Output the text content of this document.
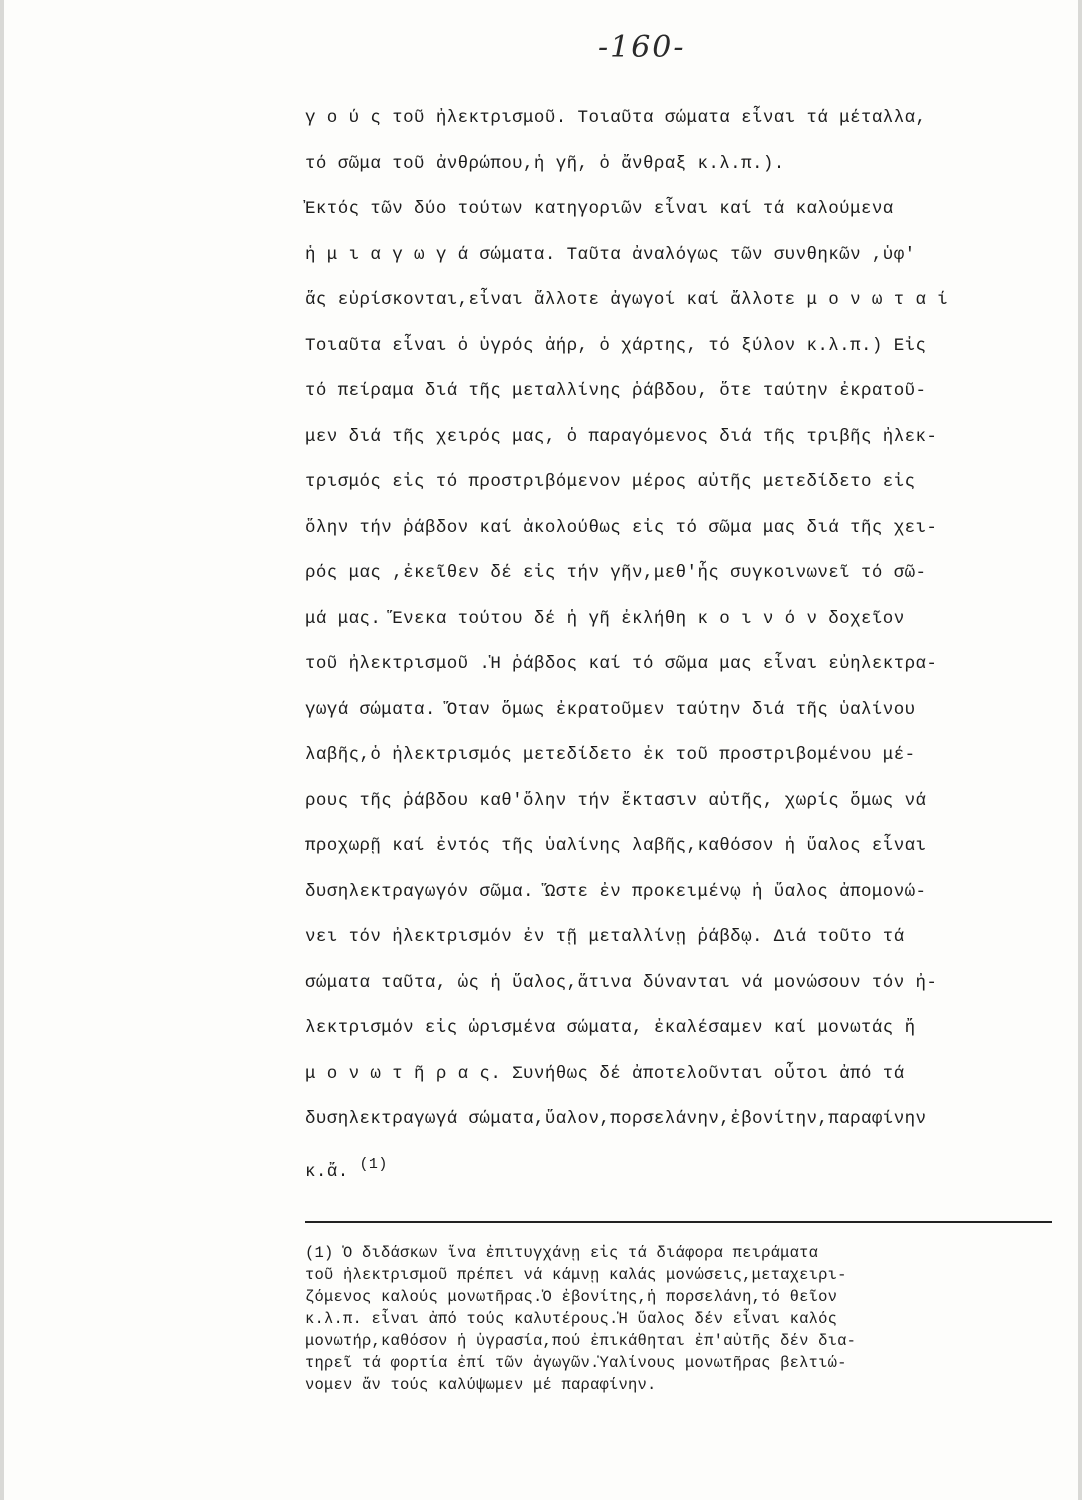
-160-
γ ο ύ ς τοῦ ἠλεκτρισμοῦ. Τοιαῦτα σώματα εἶναι τά μέταλλα,
τό σῶμα τοῦ ἀνθρώπου,ἡ γῆ, ὁ ἄνθραξ κ.λ.π.).
Ἐκτός τῶν δύο τούτων κατηγοριῶν εἶναι καί τά καλούμενα
ἡ μ ι α γ ω γ ά σώματα. Ταῦτα ἀναλόγως τῶν συνθηκῶν ,ὑφ'
ἅς εὑρίσκονται,εἶναι ἄλλοτε ἀγωγοί καί ἄλλοτε μ ο ν ω τ α ί
Τοιαῦτα εἶναι ὁ ὑγρός ἀήρ, ὁ χάρτης, τό ξύλον κ.λ.π.) Εἰς
τό πείραμα διά τῆς μεταλλίνης ῥάβδου, ὅτε ταύτην ἐκρατοῦ-
μεν διά τῆς χειρός μας, ὁ παραγόμενος διά τῆς τριβῆς ἠλεκ-
τρισμός εἰς τό προστριβόμενον μέρος αὐτῆς μετεδίδετο εἰς
ὅλην τήν ῥάβδον καί ἀκολούθως εἰς τό σῶμα μας διά τῆς χει-
ρός μας ,ἐκεῖθεν δέ εἰς τήν γῆν,μεθ'ἧς συγκοινωνεῖ τό σῶ-
μά μας. Ἕνεκα τούτου δέ ἡ γῆ ἐκλήθη κ ο ι ν ό ν δοχεῖον
τοῦ ἠλεκτρισμοῦ .Ἡ ῥάβδος καί τό σῶμα μας εἶναι εὐηλεκτρα-
γωγά σώματα. Ὅταν ὅμως ἐκρατοῦμεν ταύτην διά τῆς ὑαλίνου
λαβῆς,ὁ ἠλεκτρισμός μετεδίδετο ἐκ τοῦ προστριβομένου μέ-
ρους τῆς ῥάβδου καθ'ὅλην τήν ἔκτασιν αὐτῆς, χωρίς ὅμως νά
προχωρῇ καί ἐντός τῆς ὑαλίνης λαβῆς,καθόσον ἡ ὕαλος εἶναι
δυσηλεκτραγωγόν σῶμα. Ὥστε ἐν προκειμένῳ ἡ ὕαλος ἀπομονώ-
νει τόν ἠλεκτρισμόν ἐν τῇ μεταλλίνῃ ῥάβδῳ. Διά τοῦτο τά
σώματα ταῦτα, ὡς ἡ ὕαλος,ἅτινα δύνανται νά μονώσουν τόν ἠ-
λεκτρισμόν εἰς ὡρισμένα σώματα, ἐκαλέσαμεν καί μονωτάς ἤ
μ ο ν ω τ ῆ ρ α ς. Συνήθως δέ ἀποτελοῦνται οὗτοι ἀπό τά
δυσηλεκτραγωγά σώματα,ὕαλον,πορσελάνην,ἐβονίτην,παραφίνην
κ.ἄ. $^{(1)}$
(1) Ὁ διδάσκων ἵνα ἐπιτυγχάνῃ εἰς τά διάφορα πειράματα
τοῦ ἠλεκτρισμοῦ πρέπει νά κάμνῃ καλάς μονώσεις,μεταχειρι-
ζόμενος καλούς μονωτῆρας.Ὁ ἐβονίτης,ἡ πορσελάνη,τό θεῖον
κ.λ.π. εἶναι ἀπό τούς καλυτέρους.Ἡ ὕαλος δέν εἶναι καλός
μονωτήρ,καθόσον ἡ ὑγρασία,πού ἐπικάθηται ἐπ'αὐτῆς δέν δια-
τηρεῖ τά φορτία ἐπί τῶν ἀγωγῶν.Ὑαλίνους μονωτῆρας βελτιώ-
νομεν ἄν τούς καλύψωμεν μέ παραφίνην.
